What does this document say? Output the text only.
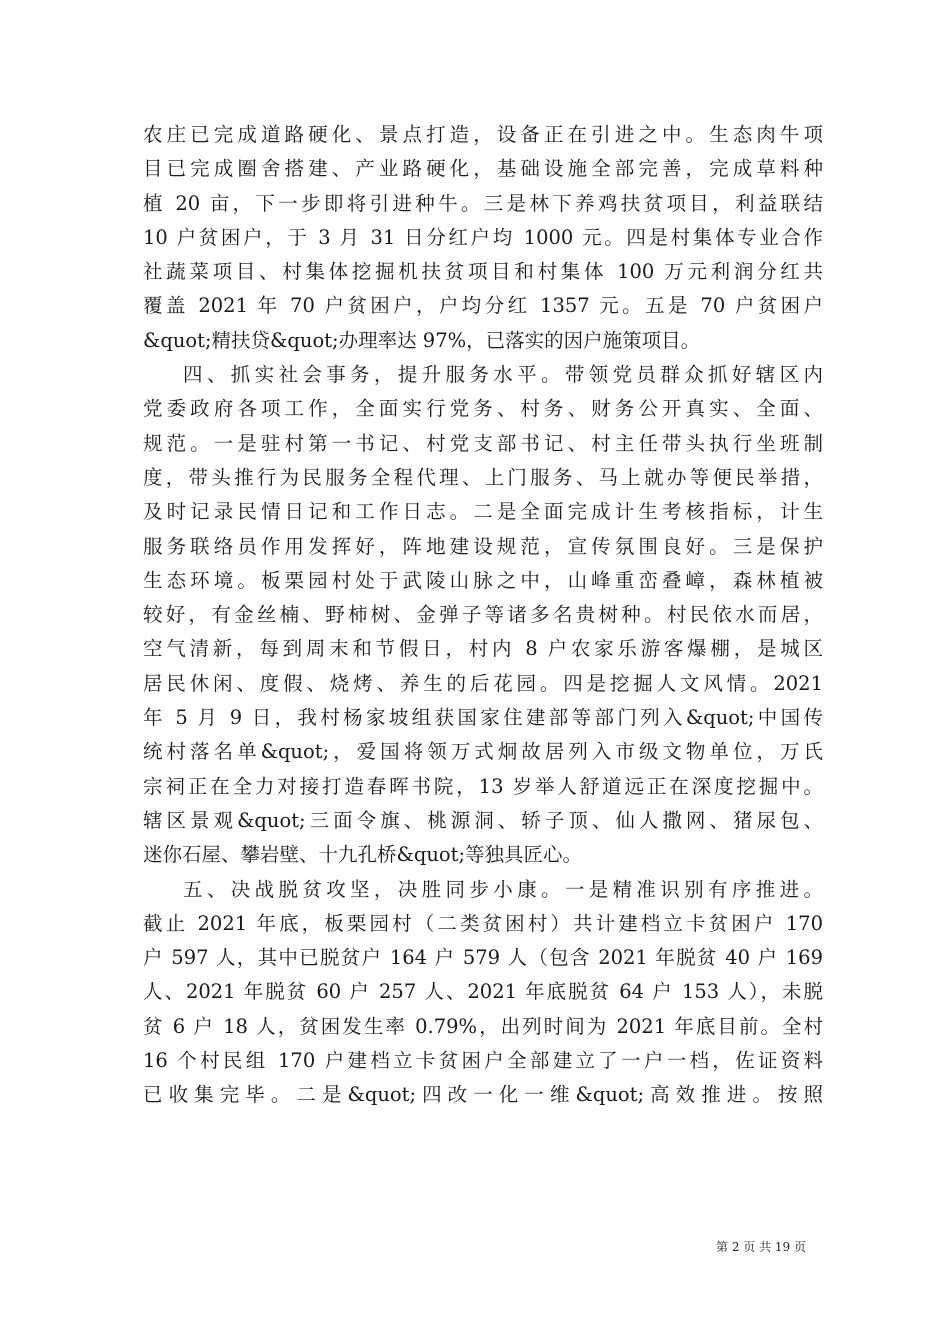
农庄已完成道路硬化、景点打造，设备正在引进之中。生态肉牛项
目已完成圈舍搭建、产业路硬化，基础设施全部完善，完成草料种
植 20 亩，下一步即将引进种牛。三是林下养鸡扶贫项目，利益联结
10 户贫困户，于 3 月 31 日分红户均 1000 元。四是村集体专业合作
社蔬菜项目、村集体挖掘机扶贫项目和村集体 100 万元利润分红共
覆盖 2021 年 70 户贫困户，户均分红 1357 元。五是 70 户贫困户
&quot;精扶贷&quot;办理率达 97%，已落实的因户施策项目。
四、抓实社会事务，提升服务水平。带领党员群众抓好辖区内
党委政府各项工作，全面实行党务、村务、财务公开真实、全面、
规范。一是驻村第一书记、村党支部书记、村主任带头执行坐班制
度，带头推行为民服务全程代理、上门服务、马上就办等便民举措，
及时记录民情日记和工作日志。二是全面完成计生考核指标，计生
服务联络员作用发挥好，阵地建设规范，宣传氛围良好。三是保护
生态环境。板栗园村处于武陵山脉之中，山峰重峦叠嶂，森林植被
较好，有金丝楠、野柿树、金弹子等诸多名贵树种。村民依水而居，
空气清新，每到周末和节假日，村内 8 户农家乐游客爆棚，是城区
居民休闲、度假、烧烤、养生的后花园。四是挖掘人文风情。2021
年 5 月 9 日，我村杨家坡组获国家住建部等部门列入&quot;中国传
统村落名单&quot;，爱国将领万式炯故居列入市级文物单位，万氏
宗祠正在全力对接打造春晖书院，13 岁举人舒道远正在深度挖掘中。
辖区景观&quot;三面令旗、桃源洞、轿子顶、仙人撒网、猪尿包、
迷你石屋、攀岩壁、十九孔桥&quot;等独具匠心。
五、决战脱贫攻坚，决胜同步小康。一是精准识别有序推进。
截止 2021 年底，板栗园村（二类贫困村）共计建档立卡贫困户 170
户 597 人，其中已脱贫户 164 户 579 人（包含 2021 年脱贫 40 户 169
人、2021 年脱贫 60 户 257 人、2021 年底脱贫 64 户 153 人），未脱
贫 6 户 18 人，贫困发生率 0.79%，出列时间为 2021 年底目前。全村
16 个村民组 170 户建档立卡贫困户全部建立了一户一档，佐证资料
已收集完毕。二是&quot;四改一化一维&quot;高效推进。按照
第 2 页 共 19 页
